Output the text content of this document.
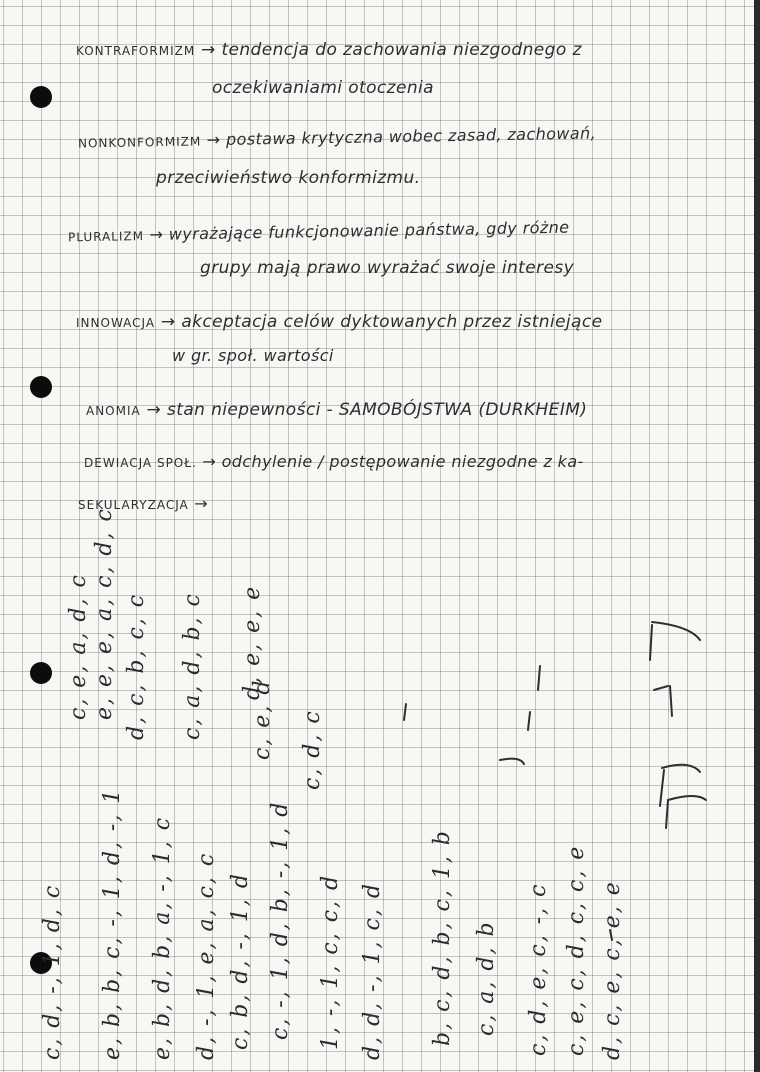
KONTRAFORMIZM → tendencja do zachowania niezgodnego z
oczekiwaniami otoczenia
NONKONFORMIZM → postawa krytyczna wobec zasad, zachowań,
przeciwieństwo konformizmu.
PLURALIZM → wyrażające funkcjonowanie państwa, gdy różne
grupy mają prawo wyrażać swoje interesy
INNOWACJA → akceptacja celów dyktowanych przez istniejące
w gr. społ. wartości
ANOMIA → stan niepewności - SAMOBÓJSTWA (DURKHEIM)
DEWIACJA SPOŁ. → odchylenie / postępowanie niezgodne z ka-
SEKULARYZACJA →
c, e, a, d, c e, e, e, a, c, d, c d, c, b, c, c c, a, d, b, c d, e, e, e
c, e, d c, d, c
c, d, -, 1, d, c e, b, b, c, -, 1, d, -, 1 e, b, d, b, a, -, 1, c d, -, 1, e, a, c, c c, b, d, -, 1, d c, -, 1, d, b, -, 1, d 1, -, 1, c, c, d d, d, -, 1, c, d b, c, d, b, c, 1, b c, a, d, b c, d, e, c, -, c c, e, c, d, c, c, e d, c, e, c, e, e
